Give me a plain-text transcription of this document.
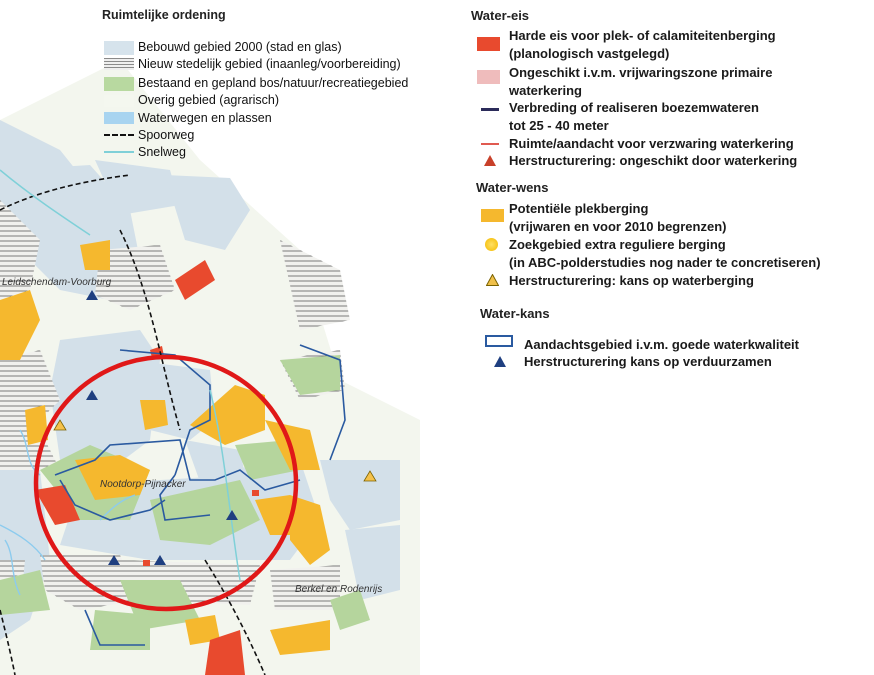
Leidschendam-Voorburg
Nootdorp-Pijnacker
Berkel en Rodenrijs
Ruimtelijke ordening
Bebouwd gebied 2000 (stad en glas)
Nieuw stedelijk gebied (inaanleg/voorbereiding)
Bestaand en gepland bos/natuur/recreatiegebied
Overig gebied (agrarisch)
Waterwegen en plassen
Spoorweg
Snelweg
Water-eis
Harde eis voor plek- of calamiteitenberging
(planologisch vastgelegd)
Ongeschikt i.v.m. vrijwaringszone primaire
waterkering
Verbreding of realiseren boezemwateren
tot 25 - 40 meter
Ruimte/aandacht voor verzwaring waterkering
Herstructurering: ongeschikt door waterkering
Water-wens
Potentiële plekberging
(vrijwaren en voor 2010 begrenzen)
Zoekgebied extra reguliere berging
(in ABC-polderstudies nog nader te concretiseren)
Herstructurering: kans op waterberging
Water-kans
Aandachtsgebied i.v.m. goede waterkwaliteit
Herstructurering kans op verduurzamen
